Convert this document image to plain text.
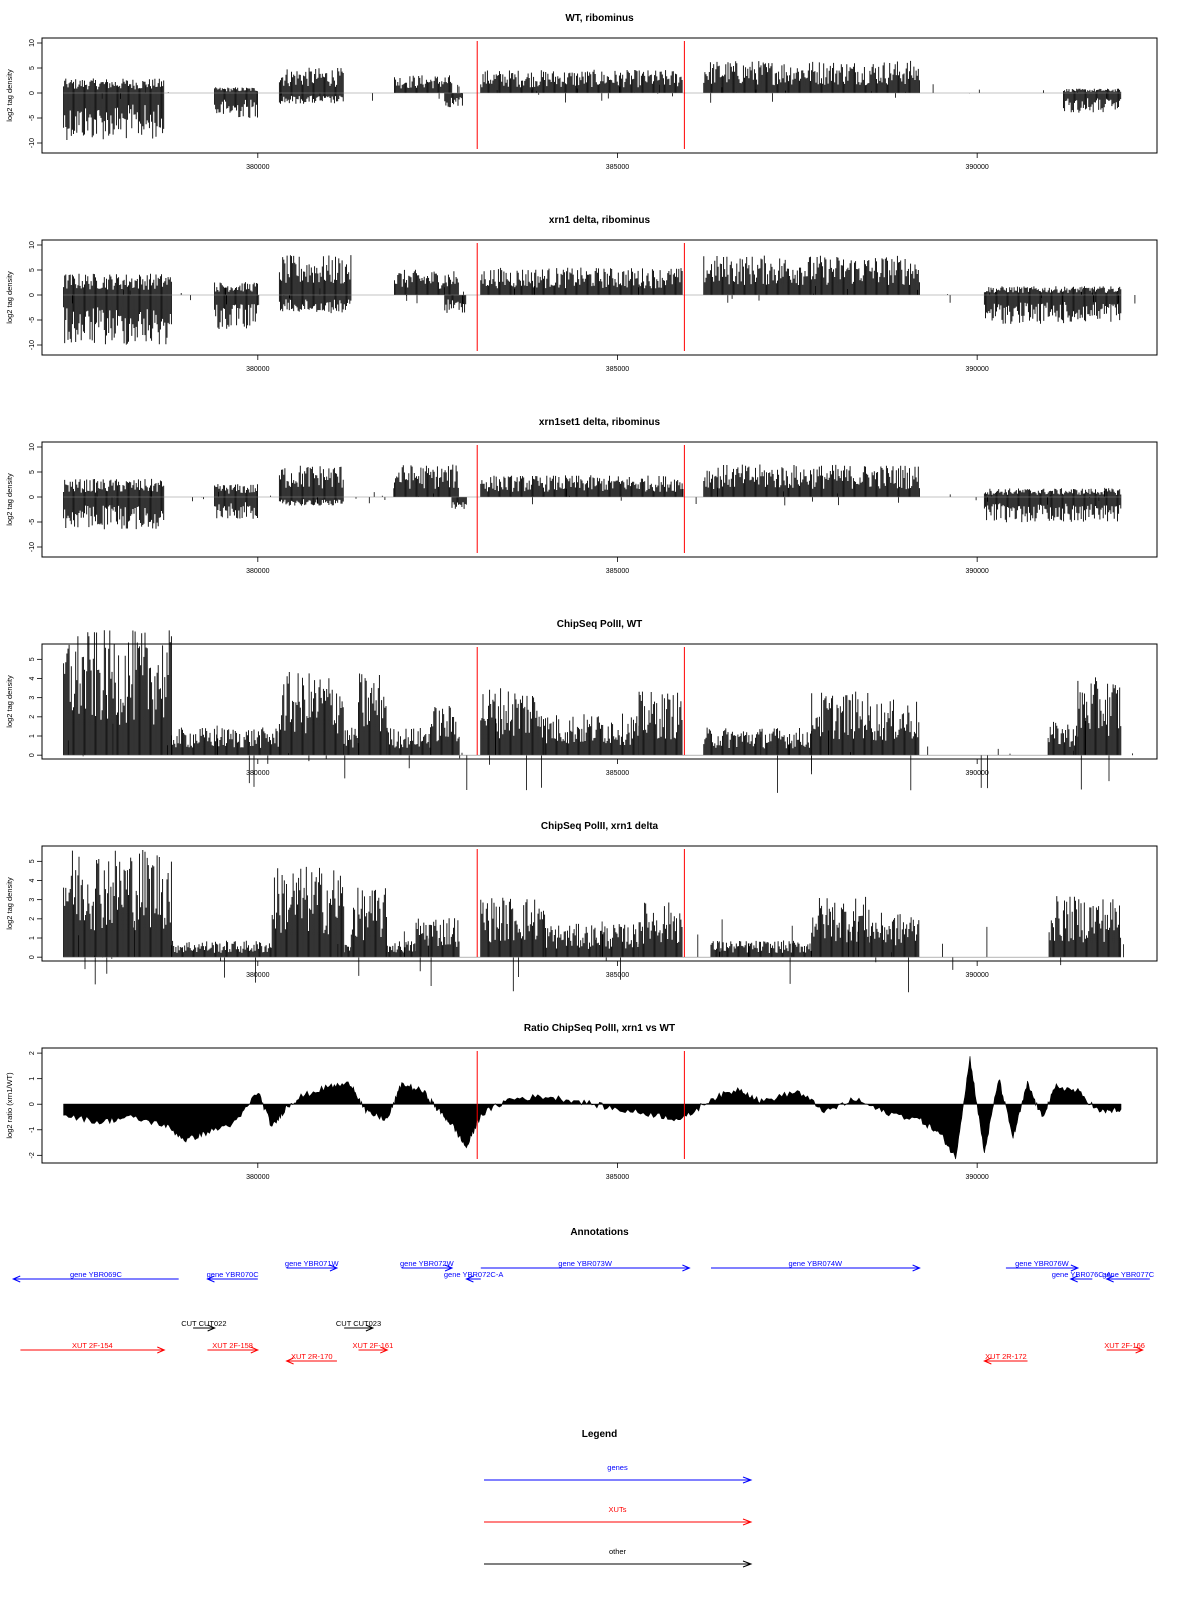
WT, ribominus
10
5
0
-5
-10
log2 tag density
380000	385000	390000
xrn1 delta, ribominus
10
5
0
-5
-10
log2 tag density
380000	385000	390000
xrn1set1 delta, ribominus
10
5
0
-5
-10
log2 tag density
380000	385000	390000
ChipSeq PolII, WT
0
1
2
3
4
5
log2 tag density
380000	385000	390000
ChipSeq PolII, xrn1 delta
0
1
2
3
4
5
log2 tag density
380000	385000	390000
Ratio ChipSeq PolII, xrn1 vs WT
2
1
0
-1
-2
log2 ratio (xrn1/WT)
380000	385000	390000
Annotations
gene YBR069C	gene YBR070C
gene YBR071W	gene YBR072W
gene YBR072C-A
gene YBR073W	gene YBR074W	gene YBR076W
gene YBR076C-A
gene YBR077C
CUT CUT022	CUT CUT023
XUT 2F-154	XUT 2F-158
XUT 2R-170
XUT 2F-161
XUT 2R-172
XUT 2F-166
Legend
genes
XUTs
other
